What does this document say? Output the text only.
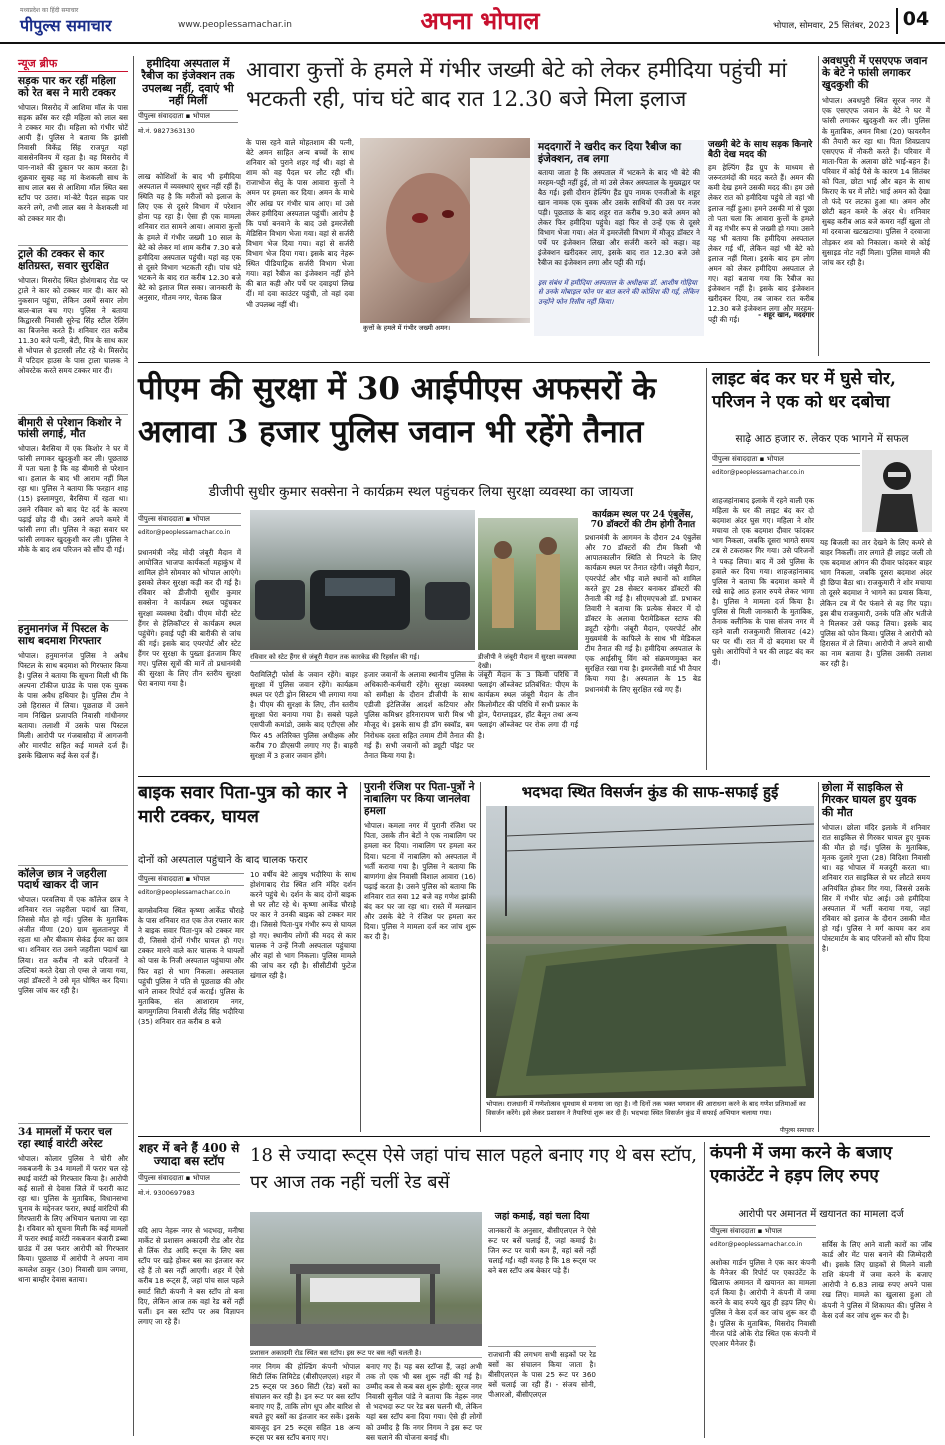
मध्यप्रदेश का हिंदी समाचार
पीपुल्स समाचार	www.peoplessamachar.in	अपना भोपाल	भोपाल, सोमवार, 25 सितंबर, 2023 04
न्यूज ब्रीफ
सड़क पार कर रहीं महिला को रेत बस ने मारी टक्कर
भोपाल। मिसरोद में आशिमा मॉल के पास सड़क क्रॉस कर रही महिला को लाल बस ने टक्कर मार दी। महिला को गंभीर चोटें आयी हैं। पुलिस ने बताया कि झांसी निवासी विकेंद्र सिंह राजपूत यहां वाससेनविनय में रहता है। वह मिसरोद में पान-नाश्ते की दुकान पर काम करता है। शुक्रवार सुबह वह मां केशकली साथ के साथ लाल बस से आशिमा मॉल स्थित बस स्टॉप पर उतरा। मां-बेटे पैदल सड़क पार करने लगे, तभी लाल बस ने केशकली मां को टक्कर मार दी।
ट्राले की टक्कर से कार क्षतिग्रस्त, सवार सुरक्षित
भोपाल। मिसरोद स्थित होशंगाबाद रोड पर ट्राले ने कार को टक्कर मार दी। कार को नुकसान पहुंचा, लेकिन उसमें सवार लोग बाल-बाल बच गए। पुलिस ने बताया किद्वारसी निवासी सुरेन्द्र सिंह स्टील रेलिंग का बिजनेस करते हैं। शनिवार रात करीब 11.30 बजे पत्नी, बेटी, मित्र के साथ कार से भोपाल से इटारसी लौट रहे थे। मिसरोद में पटिदार हाउस के पास ट्राला चालक ने ओवरटेक करते समय टक्कर मार दी।
बीमारी से परेशान किशोर ने फांसी लगाई, मौत
भोपाल। बैरसिया में एक किशोर ने घर में फांसी लगाकर खुदकुशी कर ली। पूछताछ में पता चला है कि वह बीमारी से परेशान था। हलाल के बाद भी आराम नहीं मिल रहा था। पुलिस ने बताया कि फरहान शाह (15) इस्लामपुरा, बैरसिया में रहता था। उसने रविवार को बाद पेट दर्द के कारण पढ़ाई छोड़ दी थी। उसने अपने कमरे में फांसी लगा ली। पुलिस ने कहा सवार घर फांसी लगाकर खुदकुशी कर ली। पुलिस ने मौके के बाद शव परिजन को सौंप दी गई।
हनुमानगंज में पिस्टल के साथ बदमाश गिरफ्तार
भोपाल। हनुमानगंज पुलिस ने अवैध पिस्टल के साथ बदमाश को गिरफ्तार किया है। पुलिस ने बताया कि सूचना मिली थी कि अल्पना टॉकीज ग्राउंड के पास एक युवक के पास अवैध हथियार है। पुलिस टीम ने उसे हिरासत में लिया। पूछताछ में उसने नाम निखिल प्रजापति निवासी गांधीनगर बताया। तलाशी में उसके पास पिस्टल मिली। आरोपी पर गंजबासौदा में आगजनी और मारपीट सहित कई मामले दर्ज हैं। इसके खिलाफ कई केस दर्ज हैं।
कॉलेज छात्र ने जहरीला पदार्थ खाकर दी जान
भोपाल। परवलिया में एक कॉलेज छात्र ने शनिवार रात जहरीला पदार्थ खा लिया, जिससे मौत हो गई। पुलिस के मुताबिक अंजीत मीणा (20) ग्राम सुलतानपुर में रहता था और बीकाम सेकंड ईयर का छात्र था। शनिवार रात उसने जहरीला पदार्थ खा लिया। रात करीब नौ बजे परिजनों ने उल्टियां करते देखा तो एम्स ले जाया गया, जहां डॉक्टरों ने उसे मृत घोषित कर दिया। पुलिस जांच कर रही है।
34 मामलों में फरार चल रहा स्थाई वारंटी अरेस्ट
भोपाल। कोलार पुलिस ने चोरी और नकबजनी के 34 मामलों में फरार चल रहे स्थाई वारंटी को गिरफ्तार किया है। आरोपी कई सालों से देवास जिले में फरारी काट रहा था। पुलिस के मुताबिक, विधानसभा चुनाव के मद्देनजर फरार, स्थाई वारंटियों की गिरफ्तारी के लिए अभियान चलाया जा रहा है। रविवार को सूचना मिली कि कई मामलों में फरार स्थाई वारंटी नकबजन बंजारी डब्बा ग्राउंड में उस फरार आरोपी को गिरफ्तार किया। पूछताछ में आरोपी ने अपना नाम कमलेश ठाकुर (30) निवासी ग्राम जगमा, थाना बाम्हौर देवास बताया।
हमीदिया अस्पताल में रैबीज का इंजेक्शन तक उपलब्ध नहीं, दवाएं भी नहीं मिलीं
पीपुल्स संवाददाता ▪ भोपाल
मो.नं. 9827363130
आवारा कुत्तों के हमले में गंभीर जख्मी बेटे को लेकर हमीदिया पहुंची मां भटकती रही, पांच घंटे बाद रात 12.30 बजे मिला इलाज
लाख कोशिशों के बाद भी हमीदिया अस्पताल में व्यवस्थाएं सुधर नहीं रहीं हैं। स्थिति यह है कि मरीजों को इलाज के लिए एक से दूसरे विभाग में परेशान होना पड़ रहा है। ऐसा ही एक मामला शनिवार रात सामने आया। आवारा कुत्तों के हमले में गंभीर जख्मी 10 साल के बेटे को लेकर मां शाम करीब 7.30 बजे हमीदिया अस्पताल पहुंची। यहां वह एक से दूसरे विभाग भटकती रही। पांच घंटे भटकने के बाद रात करीब 12.30 बजे बेटे को इलाज मिल सका। जानकारी के अनुसार, गौतम नगर, चेतक ब्रिज
के पास रहने वाले मोहतशाम की पत्नी, बेटे अमन साहित अन्य बच्चों के साथ शनिवार को पुराने शहर गई थी। वहां से शाम को वह पैदल घर लौट रही थीं। राजाभोज सेतु के पास आवारा कुत्तों ने अमन पर हमला कर दिया। अमन के माथे और आंख पर गंभीर घाव आए। मां उसे लेकर हमीदिया अस्पताल पहुंचीं। आरोप है कि पर्चा बनवाने के बाद उसे इमरजेंसी मेडिसिन विभाग भेजा गया। वहां से सर्जरी विभाग भेज दिया गया। वहां से सर्जरी विभाग भेज दिया गया। इसके बाद नेहरू स्थित पीडियाट्रिक सर्जरी विभाग भेजा गया। वहां रैबीज का इंजेक्शन नहीं होने की बात कही और पर्चे पर दवाइयां लिख दीं। मां दवा काउंटर पहुंची, तो वहां दवा भी उपलब्ध नहीं थी।
कुत्तों के हमले में गंभीर जख्मी अमन।
मददगारों ने खरीद कर दिया रैबीज का इंजेक्शन, तब लगा
बताया जाता है कि अस्पताल में भटकने के बाद भी बेटे की मरहम-पट्टी नहीं हुई, तो मां उसे लेकर अस्पताल के मुख्यद्वार पर बैठ गई। इसी दौरान हेल्पिंग हैंड ग्रुप नामक एनजीओ के शहूर खान नामक एक युवक और उसके साथियों की उस पर नजर पड़ी। पूछताछ के बाद शहूर रात करीब 9.30 बजे अमन को लेकर फिर हमीदिया पहुंचे। वहां फिर से उन्हें एक से दूसरे विभाग भेजा गया। अंत में इमरजेंसी विभाग में मौजूद डॉक्टर ने पर्चे पर इंजेक्शन लिखा और सर्जरी करने को कहा। वह इंजेक्शन खरीदकर लाए, इसके बाद रात 12.30 बजे उसे रैबीज का इंजेक्शन लगा और पट्टी की गई।
इस संबंध में हमीदिया अस्पताल के अधीक्षक डॉ. आशीष गोहिया से उनके मोबाइल फोन पर बात करने की कोशिश की गई, लेकिन उन्होंने फोन रिसीव नहीं किया।
जख्मी बेटे के साथ सड़क किनारे बैठी देख मदद की
हम हेल्पिंग हैंड ग्रुप के माध्यम से जरूरतमंदों की मदद करते हैं। अमन की कमी देख हमने उसकी मदद की। हम उसे लेकर रात को हमीदिया पहुंचे तो वहां भी इलाज नहीं हुआ। हमने उसकी मां से पूछा तो पता चला कि आवारा कुत्तों के हमले में वह गंभीर रूप से जख्मी हो गया। उसने यह भी बताया कि हमीदिया अस्पताल लेकर गई थीं, लेकिन वहां भी बेटे को इलाज नहीं मिला। इसके बाद हम लोग अमन को लेकर हमीदिया अस्पताल ले गए। वहां बताया गया कि रैबीज का इंजेक्शन नहीं है। इसके बाद इंजेक्शन खरीदकर दिया, तब जाकर रात करीब 12.30 बजे इंजेक्शन लगा और मरहम-पट्टी की गई।	- शहूर खान, मददगार
अवधपुरी में एसएएफ जवान के बेटे ने फांसी लगाकर खुदकुशी की
भोपाल। अवधपुरी स्थित सूरज नगर में एक एसएएफ जवान के बेटे ने घर में फांसी लगाकर खुदकुशी कर ली। पुलिस के मुताबिक, अमन मिश्रा (20) फायरमैन की तैयारी कर रहा था। पिता शिवप्रताप एसएएफ में नौकरी करते हैं। परिवार में माता-पिता के अलावा छोटे भाई-बहन हैं। परिवार में कोई पैसे के कारण 14 सितंबर को पिता, छोटा भाई और बहन के साथ किराए के घर में लौटे। भाई अमन को देखा तो फंदे पर लटका हुआ था। अमन और छोटी बहन कमरे के अंदर थे। शनिवार सुबह करीब आठ बजे कमरा नहीं खुला तो मां दरवाजा खटखटाया। पुलिस ने दरवाजा तोड़कर शव को निकाला। कमरे से कोई सुसाइड नोट नहीं मिला। पुलिस मामले की जांच कर रही है।
पीएम की सुरक्षा में 30 आईपीएस अफसरों के अलावा 3 हजार पुलिस जवान भी रहेंगे तैनात
डीजीपी सुधीर कुमार सक्सेना ने कार्यक्रम स्थल पहुंचकर लिया सुरक्षा व्यवस्था का जायजा
पीपुल्स संवाददाता ▪ भोपाल
editor@peoplessamachar.co.in
प्रधानमंत्री नरेंद्र मोदी जंबूरी मैदान में आयोजित भाजपा कार्यकर्ता महाकुंभ में शामिल होने सोमवार को भोपाल आएंगे। इसको लेकर सुरक्षा कड़ी कर दी गई है। रविवार को डीजीपी सुधीर कुमार सक्सेना ने कार्यक्रम स्थल पहुंचकर सुरक्षा व्यवस्था देखी। पीएम मोदी स्टेट हैंगर से हेलिकॉप्टर से कार्यक्रम स्थल पहुंचेंगे। हवाई पट्टी की बारीकी से जांच की गई। इसके बाद एयरपोर्ट और स्टेट हैंगर पर सुरक्षा के पुख्ता इंतजाम किए गए। पुलिस सूत्रों की मानें तो प्रधानमंत्री की सुरक्षा के लिए तीन स्तरीय सुरक्षा घेरा बनाया गया है।
रविवार को स्टेट हैंगर से जंबूरी मैदान तक कारकेड की रिहर्सल की गई।	डीजीपी ने जंबूरी मैदान में सुरक्षा व्यवस्था देखी।
पैरामिलिट्री फोर्स के जवान रहेंगे। बाहर सुरक्षा में पुलिस जवान रहेंगे। कार्यक्रम स्थल पर एंटी ड्रोन सिस्टम भी लगाया गया है। पीएम की सुरक्षा के लिए, तीन स्तरीय सुरक्षा घेरा बनाया गया है। सबसे पहले एसपीजी कमांडो, उसके बाद एटीएस और फिर 45 अतिरिक्त पुलिस अधीक्षक और करीब 70 डीएसपी लगाए गए हैं। बाहरी सुरक्षा में 3 हजार जवान होंगे।
हजार जवानों के अलावा स्थानीय पुलिस के अधिकारी-कर्मचारी रहेंगे। सुरक्षा व्यवस्था को समीक्षा के दौरान डीजीपी के साथ एडीजी इंटेलिजेंस आदर्श कटियार और पुलिस कमिश्नर हरिनारायण चारी मिश्र भी मौजूद थे। इसके साथ ही डॉग स्क्वॉड, बम निरोधक दस्ता सहित तमाम टीमें तैनात की गई हैं। सभी जवानों को ड्यूटी पॉइंट पर तैनात किया गया है।
जंबूरी मैदान के 3 किमी परिधि में फ्लाइंग ऑब्जेक्ट प्रतिबंधित: पीएम के कार्यक्रम स्थल जंबूरी मैदान के तीन किलोमीटर की परिधि में सभी प्रकार के ड्रोन, पैराग्लाइडर, हॉट बैलून तथा अन्य फ्लाइंग ऑब्जेक्ट पर रोक लगा दी गई है।
कार्यक्रम स्थल पर 24 एंबुलेंस, 70 डॉक्टरों की टीम होगी तैनात
प्रधानमंत्री के आगमन के दौरान 24 एंबुलेंस और 70 डॉक्टरों की टीम किसी भी आपातकालीन स्थिति से निपटने के लिए कार्यक्रम स्थल पर तैनात रहेगी। जंबूरी मैदान, एयरपोर्ट और भीड़ वाले स्थानों को शामिल करते हुए 28 सेक्टर बनाकर डॉक्टरों की तैनाती की गई है। सीएमएचओ डॉ. प्रभाकर तिवारी ने बताया कि प्रत्येक सेक्टर में दो डॉक्टर के अलावा पैरामेडिकल स्टाफ की ड्यूटी रहेगी। जंबूरी मैदान, एयरपोर्ट और मुख्यमंत्री के काफिले के साथ भी मेडिकल टीम तैनात की गई है। हमीदिया अस्पताल के एक आईसीयू विंग को संक्रमणमुक्त कर सुरक्षित रखा गया है। इमरजेंसी वार्ड भी तैयार किया गया है। अस्पताल के 15 बेड प्रधानमंत्री के लिए सुरक्षित रखे गए हैं।
लाइट बंद कर घर में घुसे चोर, परिजन ने एक को धर दबोचा
साढ़े आठ हजार रु. लेकर एक भागने में सफल
पीपुल्स संवाददाता ▪ भोपाल
editor@peoplessamachar.co.in
शाहजहांनाबाद इलाके में रहने वाली एक महिला के घर की लाइट बंद कर दो बदमाश अंदर घुस गए। महिला ने शोर मचाया तो एक बदमाश दीवार फांदकर भाग निकला, जबकि दूसरा भागते समय टब से टकराकर गिर गया। उसे परिजनों ने पकड़ लिया। बाद में उसे पुलिस के हवाले कर दिया गया। शाहजहांनाबाद पुलिस ने बताया कि बदमाश कमरे में रखे साढ़े आठ हजार रुपये लेकर भागा है। पुलिस ने मामला दर्ज किया है। पुलिस से मिली जानकारी के मुताबिक, तैनाक क्लीनिक के पास संजय नगर में रहने वाली राजकुमारी सिलावट (42) घर पर थीं। रात में दो बदमाश घर में घुसे। आरोपियों ने घर की लाइट बंद कर दी।
यह बिजली का तार देखने के लिए कमरे से बाहर निकलीं। तार लगाते ही लाइट जली तो एक बदमाश आंगन की दीवार फांदकर बाहर भाग निकला, जबकि दूसरा बदमाश अंदर ही छिपा बैठा था। राजकुमारी ने शोर मचाया तो दूसरे बदमाश ने भागने का प्रयास किया, लेकिन टब में पैर फंसने से वह गिर पड़ा। इस बीच राजकुमारी, उनके पति और भतीजे ने मिलकर उसे पकड़ लिया। इसके बाद पुलिस को फोन किया। पुलिस ने आरोपी को हिरासत में ले लिया। आरोपी ने अपने साथी का नाम बताया है। पुलिस उसकी तलाश कर रही है।
बाइक सवार पिता-पुत्र को कार ने मारी टक्कर, घायल
दोनों को अस्पताल पहुंचाने के बाद चालक फरार
पीपुल्स संवाददाता ▪ भोपाल
editor@peoplessamachar.co.in
बागसेवनिया स्थित कृष्णा आर्केड चौराहे के पास शनिवार रात एक तेज रफ्तार कार ने बाइक सवार पिता-पुत्र को टक्कर मार दी, जिससे दोनों गंभीर घायल हो गए। टक्कर मारने वाले कार चालक ने घायलों को पास के निजी अस्पताल पहुंचाया और फिर वहां से भाग निकला। अस्पताल पहुंची पुलिस ने पति से पूछताछ की और थाने लाकर रिपोर्ट दर्ज कराई। पुलिस के मुताबिक, संत आशाराम नगर, बागमुगलिया निवासी शैलेंद्र सिंह भदौरिया (35) शनिवार रात करीब 8 बजे
10 वर्षीय बेटे आयुष भदौरिया के साथ होशंगाबाद रोड स्थित शनि मंदिर दर्शन करने पहुंचे थे। दर्शन के बाद दोनों बाइक से घर लौट रहे थे। कृष्णा आर्केड चौराहे पर कार ने उनकी बाइक को टक्कर मार दी। जिससे पिता-पुत्र गंभीर रूप से घायल हो गए। स्थानीय लोगों की मदद से कार चालक ने उन्हें निजी अस्पताल पहुंचाया और वहां से भाग निकला। पुलिस मामले की जांच कर रही है। सीसीटीवी फुटेज खंगाल रही है।
पुरानी रंजिश पर पिता-पुत्रों ने नाबालिग पर किया जानलेवा हमला
भोपाल। कमला नगर में पुरानी रंजिश पर पिता, उसके तीन बेटों ने एक नाबालिग पर हमला कर दिया। नाबालिग पर हमला कर दिया। घटना में नाबालिग को अस्पताल में भर्ती कराया गया है। पुलिस ने बताया कि बाणगंगा क्षेत्र निवासी विशाल आवारा (16) पढ़ाई करता है। उसने पुलिस को बताया कि शनिवार रात सवा 12 बजे वह गणेश झांकी बंद कर घर जा रहा था। रास्ते में मलखान और उसके बेटे ने रंजिश पर हमला कर दिया। पुलिस ने मामला दर्ज कर जांच शुरू कर दी है।
भदभदा स्थित विसर्जन कुंड की साफ-सफाई हुई
भोपाल। राजधानी में गणेशोत्सव धूमधाम से मनाया जा रहा है। नौ दिनों तक भक्त भगवान की आराधना करने के बाद गणेश प्रतिमाओं का विसर्जन करेंगे। इसे लेकर प्रशासन ने तैयारियां शुरू कर दी हैं। भदभदा स्थित विसर्जन कुंड में सफाई अभियान चलाया गया।
पीपुल्स समाचार
छोला में साइकिल से गिरकर घायल हुए युवक की मौत
भोपाल। छोला मंदिर इलाके में शनिवार रात साइकिल से गिरकर घायल हुए युवक की मौत हो गई। पुलिस के मुताबिक, मृतक दुलारे गुप्ता (28) विदिशा निवासी था। वह भोपाल में मजदूरी करता था। शनिवार रात साइकिल से घर लौटते समय अनियंत्रित होकर गिर गया, जिससे उसके सिर में गंभीर चोट आई। उसे हमीदिया अस्पताल में भर्ती कराया गया, जहां रविवार को इलाज के दौरान उसकी मौत हो गई। पुलिस ने मर्ग कायम कर शव पोस्टमार्टम के बाद परिजनों को सौंप दिया है।
शहर में बने हैं 400 से ज्यादा बस स्टॉप
पीपुल्स संवाददाता ▪ भोपाल
मो.नं. 9300697983
18 से ज्यादा रूट्स ऐसे जहां पांच साल पहले बनाए गए थे बस स्टॉप, पर आज तक नहीं चलीं रेड बसें
यदि आप नेहरू नगर से भदभदा, मनीषा मार्केट से प्रशासन अकादमी रोड और रोड से लिंक रोड आदि रूट्स के लिए बस स्टॉप पर खड़े होकर बस का इंतजार कर रहे हैं तो बस नहीं आएगी। शहर में ऐसे करीब 18 रूट्स हैं, जहां पांच साल पहले स्मार्ट सिटी कंपनी ने बस स्टॉप तो बना दिए, लेकिन आज तक वहां रेड बसें नहीं चलीं। इन बस स्टॉप पर अब विज्ञापन लगाए जा रहे हैं।
प्रशासन अकादमी रोड स्थित बस स्टॉप। इस रूट पर बस नहीं चलती है।
नगर निगम की होल्डिंग कंपनी भोपाल सिटी लिंक लिमिटेड (बीसीएलएल) शहर में 25 रूट्स पर 360 सिटी (रेड) बसों का संचालन कर रही है। इन रूट पर बस स्टॉप बनाए गए हैं, ताकि लोग धूप और बारिश से बचते हुए बसों का इंतजार कर सकें। इसके बावजूद इन 25 रूट्स सहित 18 अन्य रूट्स पर बस स्टॉप बनाए गए।
बनाए गए हैं। यह बस स्टॉप्स हैं, जहां अभी तक तो एक भी बस शुरू नहीं की गई है। उम्मीद कब से कब बस शुरू होगी: सूरज नगर निवासी सुनील पांडे ने बताया कि नेहरू नगर से भदभदा रूट पर रेड बस चलनी थी, लेकिन यहां बस स्टॉप बना दिया गया। ऐसे ही लोगों को उम्मीद है कि नगर निगम ने इस रूट पर बस चलाने की योजना बनाई थी।
जहां कमाई, वहां चला दिया
जानकारों के अनुसार, बीसीएलएल ने ऐसे रूट पर बसें चलाई हैं, जहां कमाई है। जिन रूट पर यात्री कम हैं, वहां बसें नहीं चलाई गईं। यही वजह है कि 18 रूट्स पर बने बस स्टॉप अब बेकार पड़े हैं।
राजधानी की लगभग सभी सड़कों पर रेड बसों का संचालन किया जाता है। बीसीएलएल के पास 25 रूट पर 360 बसें चलाई जा रही हैं। - संजय सोनी, पीआरओ, बीसीएलएल
कंपनी में जमा करने के बजाए एकाउंटेंट ने हड़प लिए रुपए
आरोपी पर अमानत में खयानत का मामला दर्ज
पीपुल्स संवाददाता ▪ भोपाल
editor@peoplessamachar.co.in
अशोका गार्डन पुलिस ने एक कार कंपनी के मैनेजर की रिपोर्ट पर एकाउंटेंट के खिलाफ अमानत में खयानत का मामला दर्ज किया है। आरोपी ने कंपनी में जमा करने के बाद रुपये खुद ही हड़प लिए थे। पुलिस ने केस दर्ज कर जांच शुरू कर दी है। पुलिस के मुताबिक, मिसरोद निवासी नीरज पांडे ओके रोड स्थित एक कंपनी में एएआर मैनेजर हैं।
सर्विस के लिए आने वाली कारों का जॉब कार्ड और मेंट पास बनाने की जिम्मेदारी थी। इसके लिए ग्राहकों से मिलने वाली राशि कंपनी में जमा करने के बजाए आरोपी ने 6.83 लाख रुपए अपने पास रख लिए। मामले का खुलासा हुआ तो कंपनी ने पुलिस में शिकायत की। पुलिस ने केस दर्ज कर जांच शुरू कर दी है।
